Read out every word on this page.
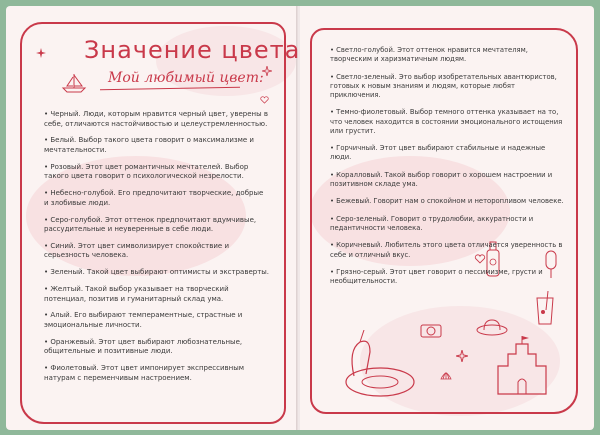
Значение цвета
Мой любимый цвет:
• Черный. Люди, которым нравится черный цвет, уверены в себе, отличаются настойчивостью и целеустремленностью.
• Белый. Выбор такого цвета говорит о максимализме и мечтательности.
• Розовый. Этот цвет романтичных мечтателей. Выбор такого цвета говорит о психологической незрелости.
• Небесно-голубой. Его предпочитают творческие, добрые и злобивые люди.
• Серо-голубой. Этот оттенок предпочитают вдумчивые, рассудительные и неуверенные в себе люди.
• Синий. Этот цвет символизирует спокойствие и серьезность человека.
• Зеленый. Такой цвет выбирают оптимисты и экстраверты.
• Желтый. Такой выбор указывает на творческий потенциал, позитив и гуманитарный склад ума.
• Алый. Его выбирают темпераментные, страстные и эмоциональные личности.
• Оранжевый. Этот цвет выбирают любознательные, общительные и позитивные люди.
• Фиолетовый. Этот цвет импонирует экспрессивным натурам с переменчивым настроением.
• Светло-голубой. Этот оттенок нравится мечтателям, творческим и харизматичным людям.
• Светло-зеленый. Это выбор изобретательных авантюристов, готовых к новым знаниям и людям, которые любят приключения.
• Темно-фиолетовый. Выбор темного оттенка указывает на то, что человек находится в состоянии эмоционального истощения или грустит.
• Горчичный. Этот цвет выбирают стабильные и надежные люди.
• Коралловый. Такой выбор говорит о хорошем настроении и позитивном складе ума.
• Бежевый. Говорит нам о спокойном и неторопливом человеке.
• Серо-зеленый. Говорит о трудолюбии, аккуратности и педантичности человека.
• Коричневый. Любитель этого цвета отличается уверенность в себе и отличный вкус.
• Грязно-серый. Этот цвет говорит о пессимизме, грусти и необщительности.
